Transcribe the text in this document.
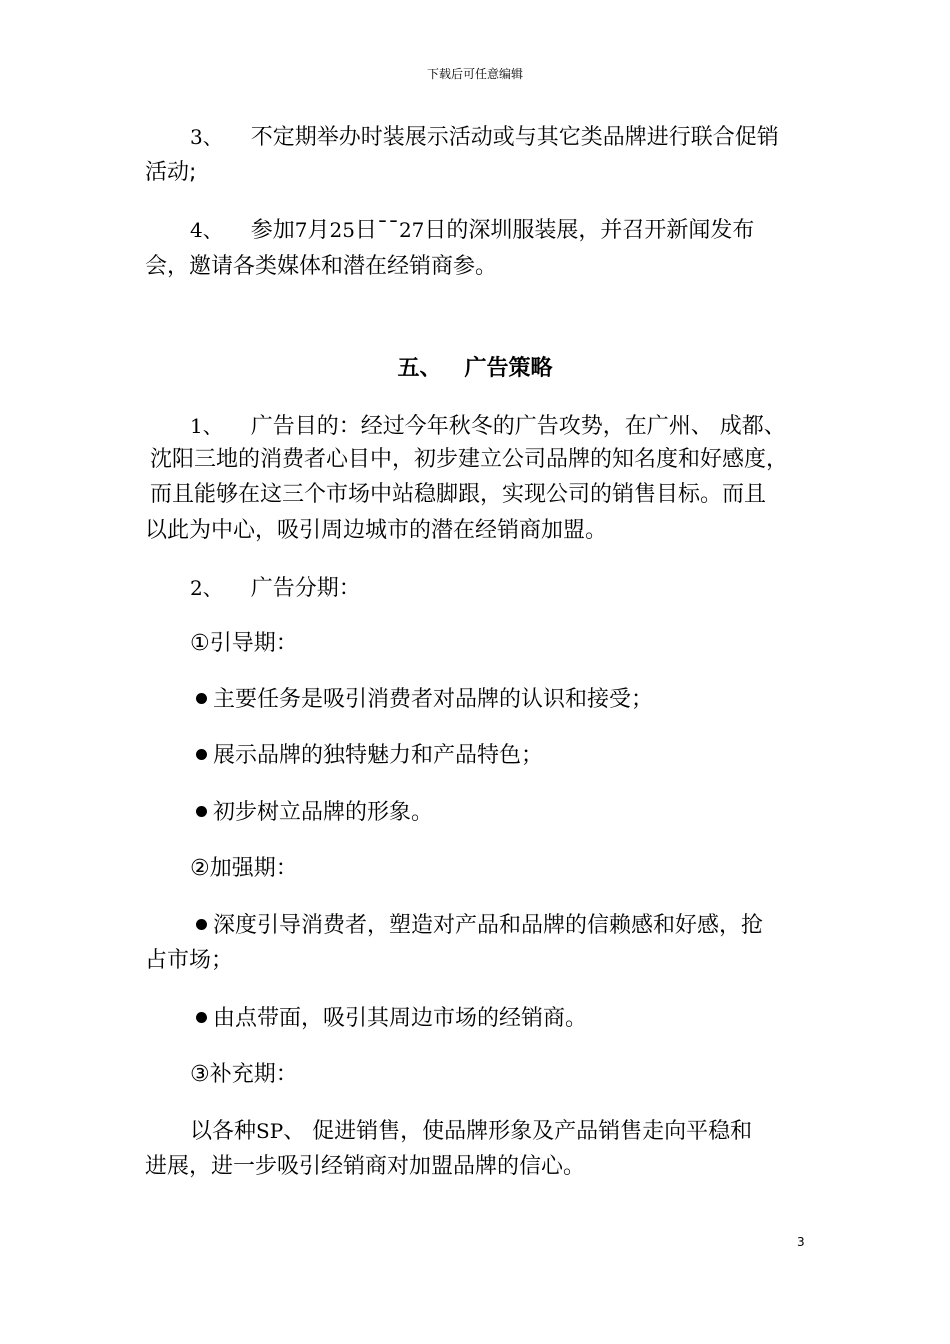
下载后可任意编辑
3、 不定期举办时装展示活动或与其它类品牌进行联合促销
活动;
4、 参加7月25日¯¯27日的深圳服装展，并召开新闻发布
会，邀请各类媒体和潜在经销商参。
五、   广告策略
1、 广告目的：经过今年秋冬的广告攻势，在广州、 成都、
沈阳三地的消费者心目中，初步建立公司品牌的知名度和好感度，
而且能够在这三个市场中站稳脚跟，实现公司的销售目标。而且
以此为中心，吸引周边城市的潜在经销商加盟。
2、 广告分期：
①引导期：
主要任务是吸引消费者对品牌的认识和接受；
展示品牌的独特魅力和产品特色；
初步树立品牌的形象。
②加强期：
深度引导消费者，塑造对产品和品牌的信赖感和好感，抢
占市场；
由点带面，吸引其周边市场的经销商。
③补充期：
以各种SP、 促进销售，使品牌形象及产品销售走向平稳和
进展，进一步吸引经销商对加盟品牌的信心。
3
